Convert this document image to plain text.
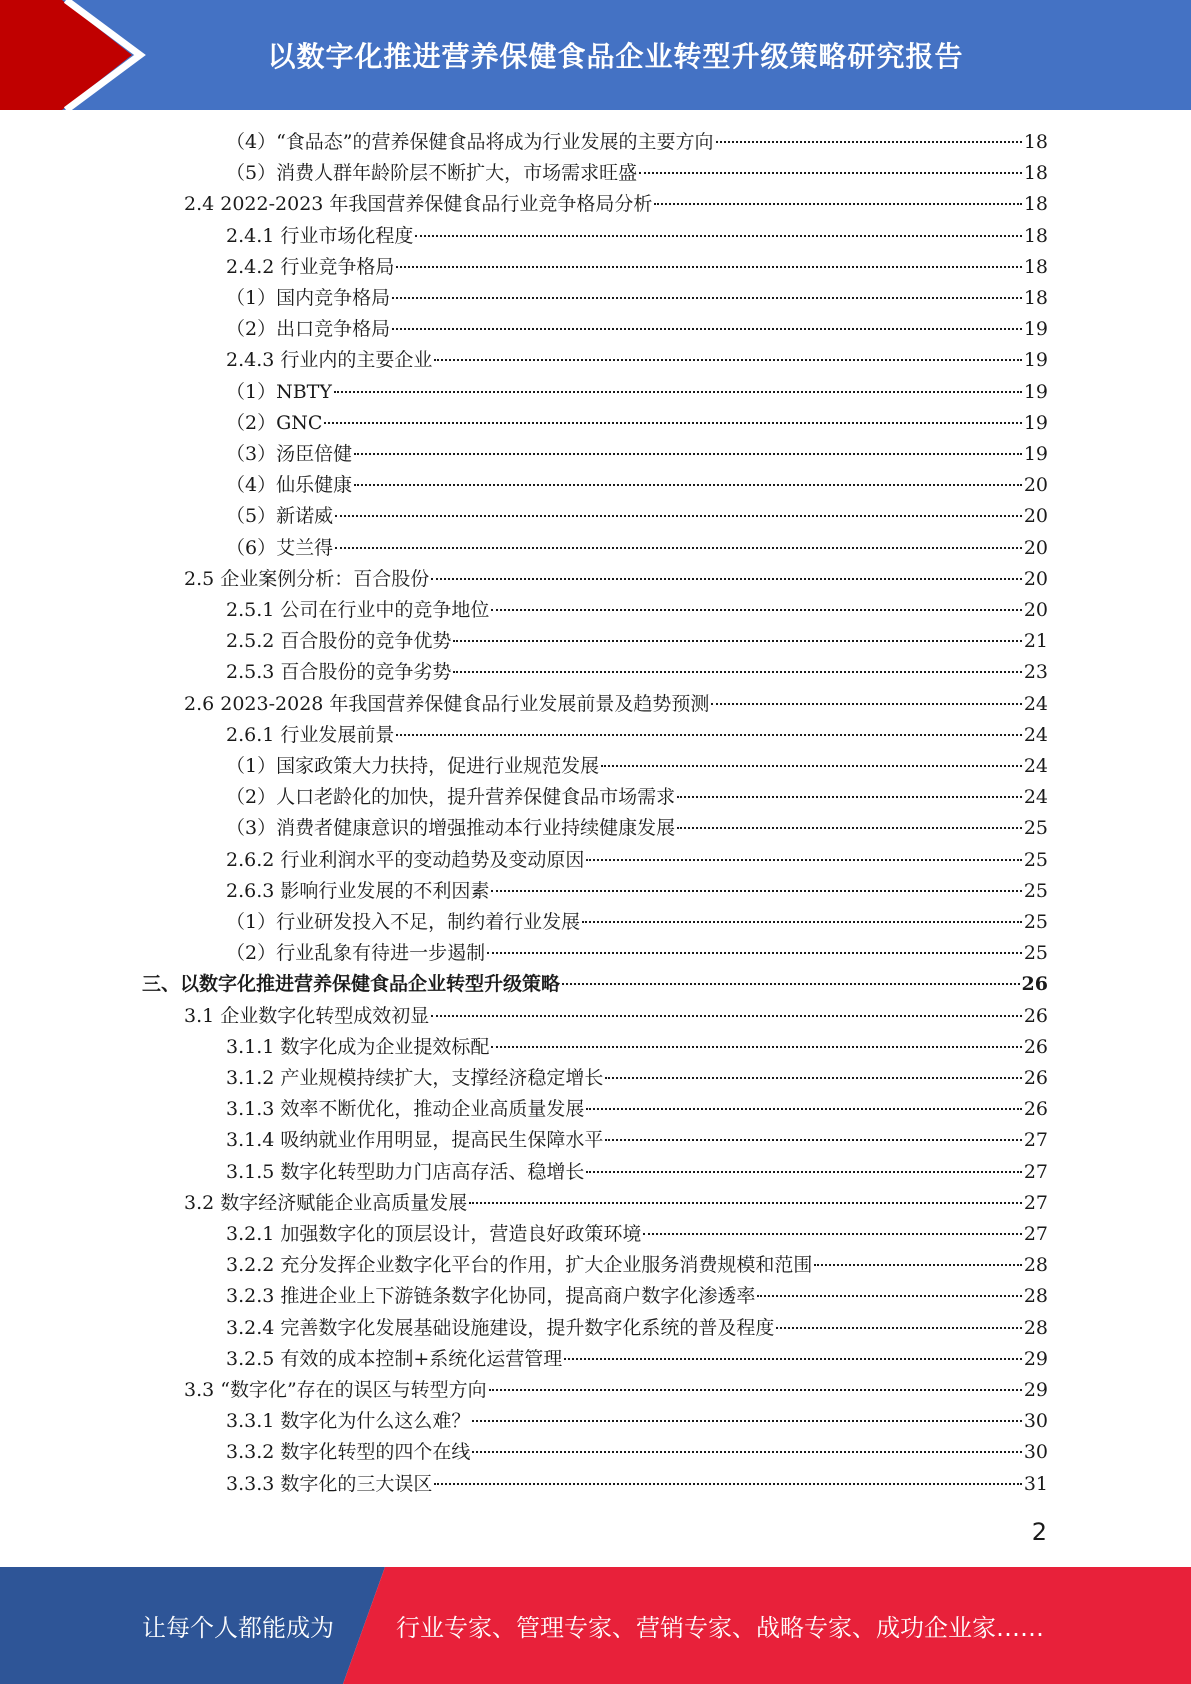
以数字化推进营养保健食品企业转型升级策略研究报告
（4）“食品态”的营养保健食品将成为行业发展的主要方向	18
（5）消费人群年龄阶层不断扩大，市场需求旺盛	18
2.4 2022-2023 年我国营养保健食品行业竞争格局分析	18
2.4.1 行业市场化程度	18
2.4.2 行业竞争格局	18
（1）国内竞争格局	18
（2）出口竞争格局	19
2.4.3 行业内的主要企业	19
（1）NBTY	19
（2）GNC	19
（3）汤臣倍健	19
（4）仙乐健康	20
（5）新诺威	20
（6）艾兰得	20
2.5 企业案例分析：百合股份	20
2.5.1 公司在行业中的竞争地位	20
2.5.2 百合股份的竞争优势	21
2.5.3 百合股份的竞争劣势	23
2.6 2023-2028 年我国营养保健食品行业发展前景及趋势预测	24
2.6.1 行业发展前景	24
（1）国家政策大力扶持，促进行业规范发展	24
（2）人口老龄化的加快，提升营养保健食品市场需求	24
（3）消费者健康意识的增强推动本行业持续健康发展	25
2.6.2 行业利润水平的变动趋势及变动原因	25
2.6.3 影响行业发展的不利因素	25
（1）行业研发投入不足，制约着行业发展	25
（2）行业乱象有待进一步遏制	25
三、以数字化推进营养保健食品企业转型升级策略	26
3.1 企业数字化转型成效初显	26
3.1.1 数字化成为企业提效标配	26
3.1.2 产业规模持续扩大，支撑经济稳定增长	26
3.1.3 效率不断优化，推动企业高质量发展	26
3.1.4 吸纳就业作用明显，提高民生保障水平	27
3.1.5 数字化转型助力门店高存活、稳增长	27
3.2 数字经济赋能企业高质量发展	27
3.2.1 加强数字化的顶层设计，营造良好政策环境	27
3.2.2 充分发挥企业数字化平台的作用，扩大企业服务消费规模和范围	28
3.2.3 推进企业上下游链条数字化协同，提高商户数字化渗透率	28
3.2.4 完善数字化发展基础设施建设，提升数字化系统的普及程度	28
3.2.5 有效的成本控制+系统化运营管理	29
3.3 “数字化”存在的误区与转型方向	29
3.3.1 数字化为什么这么难？	30
3.3.2 数字化转型的四个在线	30
3.3.3 数字化的三大误区	31
2
让每个人都能成为	行业专家、管理专家、营销专家、战略专家、成功企业家……
